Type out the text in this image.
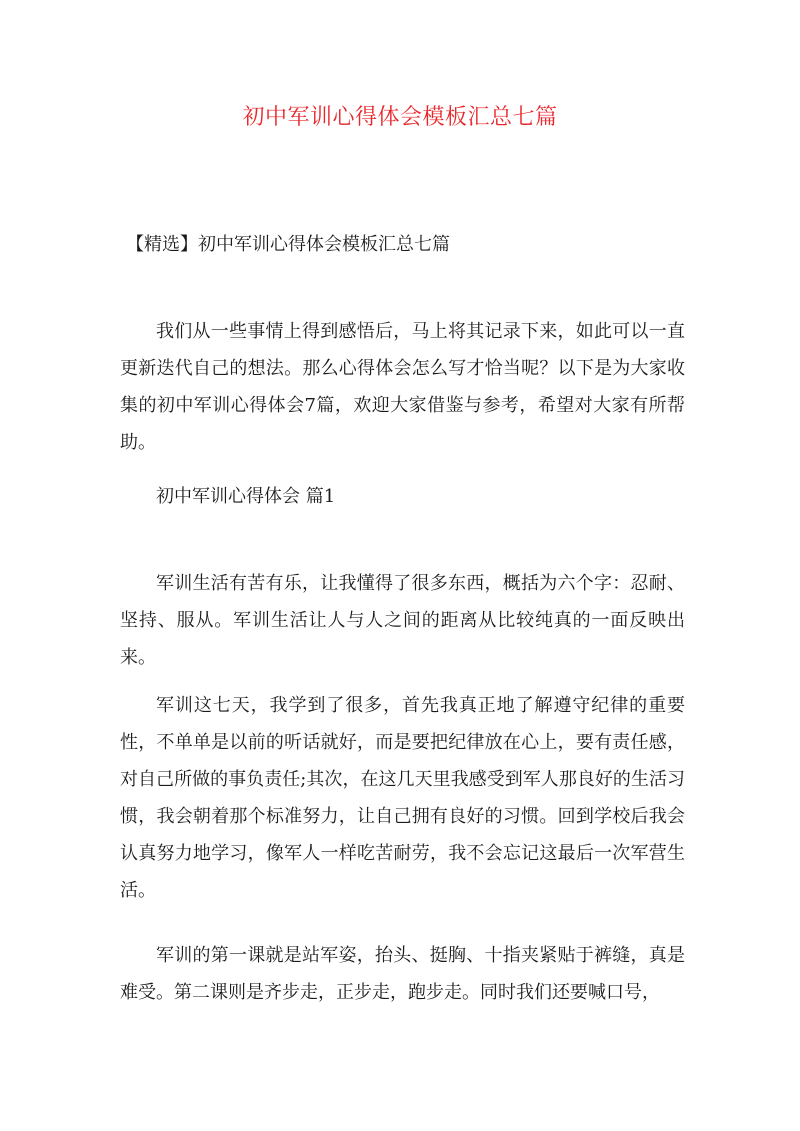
初中军训心得体会模板汇总七篇
【精选】初中军训心得体会模板汇总七篇

我们从一些事情上得到感悟后，马上将其记录下来，如此可以一直更新迭代自己的想法。那么心得体会怎么写才恰当呢？以下是为大家收集的初中军训心得体会7篇，欢迎大家借鉴与参考，希望对大家有所帮助。

初中军训心得体会 篇1

军训生活有苦有乐，让我懂得了很多东西，概括为六个字：忍耐、坚持、服从。军训生活让人与人之间的距离从比较纯真的一面反映出来。

军训这七天，我学到了很多，首先我真正地了解遵守纪律的重要性，不单单是以前的听话就好，而是要把纪律放在心上，要有责任感，对自己所做的事负责任;其次，在这几天里我感受到军人那良好的生活习惯，我会朝着那个标准努力，让自己拥有良好的习惯。回到学校后我会认真努力地学习，像军人一样吃苦耐劳，我不会忘记这最后一次军营生活。

军训的第一课就是站军姿，抬头、挺胸、十指夹紧贴于裤缝，真是难受。第二课则是齐步走，正步走，跑步走。同时我们还要喊口号，
